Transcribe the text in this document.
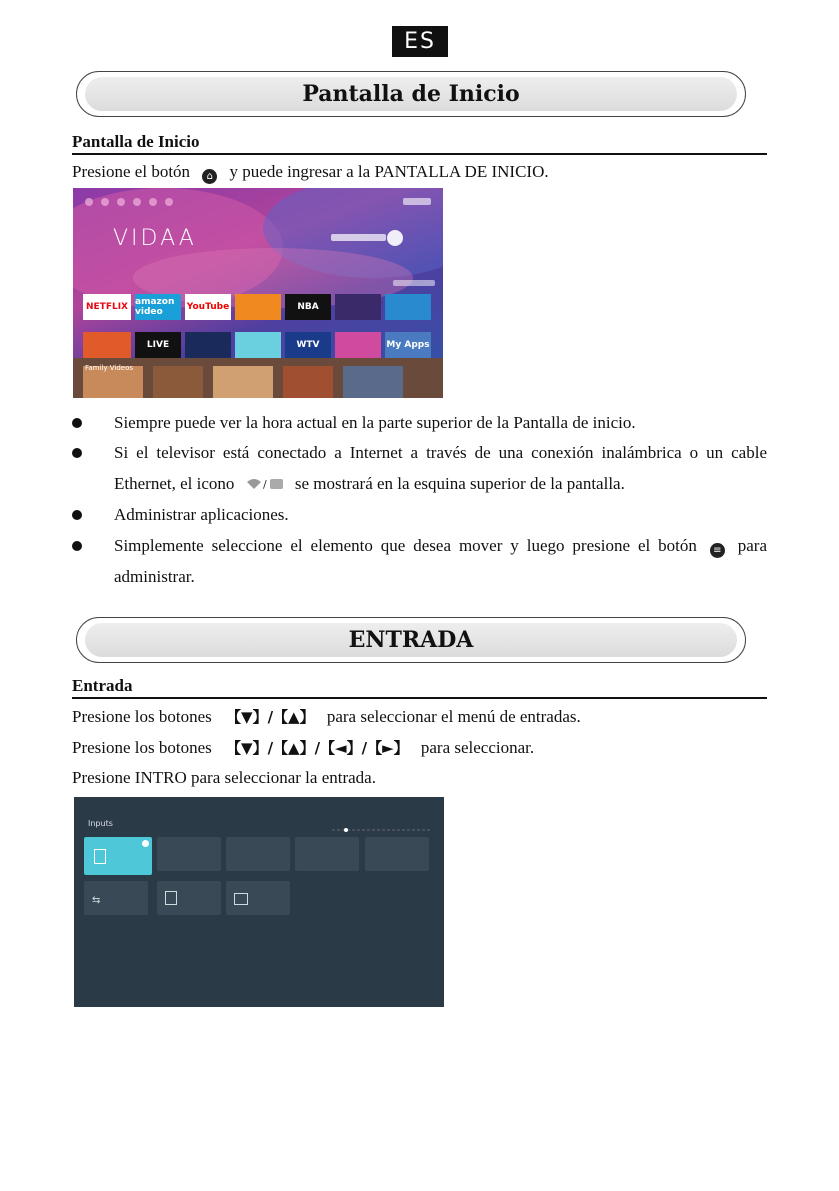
ES
Pantalla de Inicio
Pantalla de Inicio
Presione el botón ⌂ y puede ingresar a la PANTALLA DE INICIO.
VIDAA
NETFLIX amazon video	YouTube	NBA
LIVE	WTV	My Apps
Family Videos
Siempre puede ver la hora actual en la parte superior de la Pantalla de inicio.
Si el televisor está conectado a Internet a través de una conexión inalámbrica o un cable Ethernet, el icono	/ se mostrará en la esquina superior de la pantalla.
Administrar aplicaciones.
Simplemente seleccione el elemento que desea mover y luego presione el botón ≡ para administrar.
ENTRADA
Entrada
Presione los botones 【▼】/【▲】 para seleccionar el menú de entradas.
Presione los botones 【▼】/【▲】/【◄】/【►】 para seleccionar.
Presione INTRO para seleccionar la entrada.
Inputs
⇆
